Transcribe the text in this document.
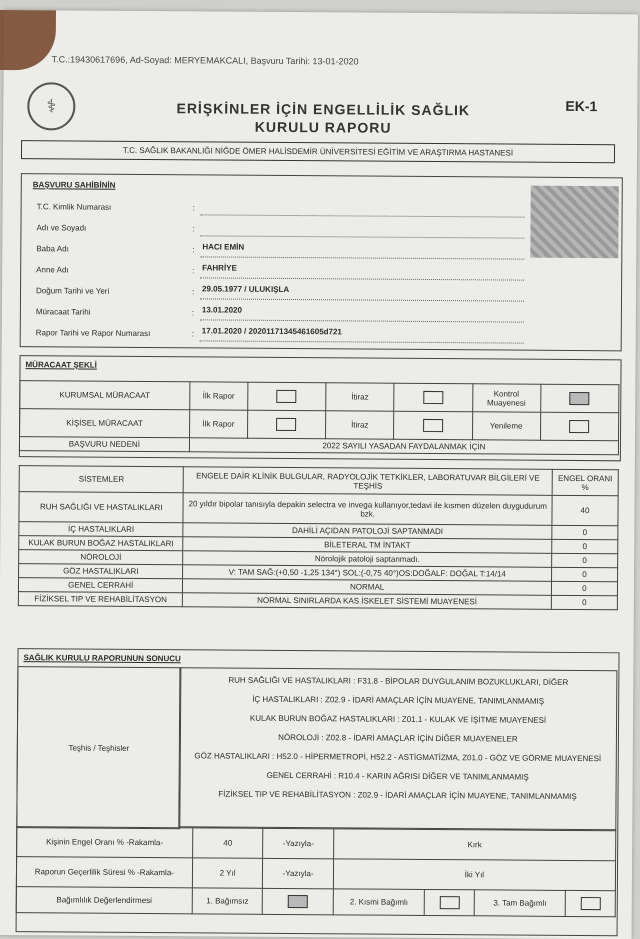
T.C.:19430617696, Ad-Soyad: MERYEMAKCALI, Başvuru Tarihi: 13-01-2020
⚕	ERİŞKİNLER İÇİN ENGELLİLİK SAĞLIK
KURULU RAPORU
EK-1
T.C. SAĞLIK BAKANLIĞI NİĞDE ÖMER HALİSDEMİR ÜNİVERSİTESİ EĞİTİM VE ARAŞTIRMA HASTANESİ
BAŞVURU SAHİBİNİN
T.C. Kimlik Numarası	:
Adı ve Soyadı	:
Baba Adı	: HACI EMİN
Anne Adı	: FAHRİYE
Doğum Tarihi ve Yeri	: 29.05.1977 / ULUKIŞLA
Müracaat Tarihi	: 13.01.2020
Rapor Tarihi ve Rapor Numarası	: 17.01.2020 / 20201171345461605d721
MÜRACAAT ŞEKLİ
KURUMSAL MÜRACAAT	İlk Rapor		İtiraz		Kontrol Muayenesi	
KİŞİSEL MÜRACAAT	İlk Rapor		İtiraz		Yenileme	
BAŞVURU NEDENİ	2022 SAYILI YASADAN FAYDALANMAK İÇİN					
SİSTEMLER	ENGELE DAİR KLİNİK BULGULAR, RADYOLOJİK TETKİKLER, LABORATUVAR BİLGİLERİ VE TEŞHİS	ENGEL ORANI %
RUH SAĞLIĞI VE HASTALIKLARI	20 yıldır bipolar tanısıyla depakin selectra ve invega kullanıyor,tedavi ile kısmen düzelen duygudurum bzk.	40
İÇ HASTALIKLARI	DAHİLİ AÇIDAN PATOLOJİ SAPTANMADI	0
KULAK BURUN BOĞAZ HASTALIKLARI	BİLETERAL TM İNTAKT	0
NÖROLOJİ	Nörolojik patoloji saptanmadı.	0
GÖZ HASTALIKLARI	V: TAM SAĞ:(+0,50 -1,25 134°) SOL:(-0,75 40°)OS:DOĞALF: DOĞAL T:14/14	0
GENEL CERRAHİ	NORMAL	0
FİZİKSEL TIP VE REHABİLİTASYON	NORMAL SINIRLARDA KAS İSKELET SİSTEMİ MUAYENESİ	0
SAĞLIK KURULU RAPORUNUN SONUCU
Teşhis / Teşhisler
RUH SAĞLIĞI VE HASTALIKLARI : F31.8 - BİPOLAR DUYGULANIM BOZUKLUKLARI, DİĞER
İÇ HASTALIKLARI : Z02.9 - İDARİ AMAÇLAR İÇİN MUAYENE, TANIMLANMAMIŞ
KULAK BURUN BOĞAZ HASTALIKLARI : Z01.1 - KULAK VE İŞİTME MUAYENESİ
NÖROLOJİ : Z02.8 - İDARİ AMAÇLAR İÇİN DİĞER MUAYENELER
GÖZ HASTALIKLARI : H52.0 - HİPERMETROPİ, H52.2 - ASTİGMATİZMA, Z01.0 - GÖZ VE GÖRME MUAYENESİ
GENEL CERRAHİ : R10.4 - KARIN AĞRISI DİĞER VE TANIMLANMAMIŞ
FİZİKSEL TIP VE REHABİLİTASYON : Z02.9 - İDARİ AMAÇLAR İÇİN MUAYENE, TANIMLANMAMIŞ
Kişinin Engel Oranı % -Rakamla-	40	-Yazıyla-	Kırk			
Raporun Geçerlilik Süresi % -Rakamla-	2 Yıl	-Yazıyla-	İki Yıl			
Bağımlılık Değerlendirmesi	1. Bağımsız		2. Kısmi Bağımlı		3. Tam Bağımlı	
